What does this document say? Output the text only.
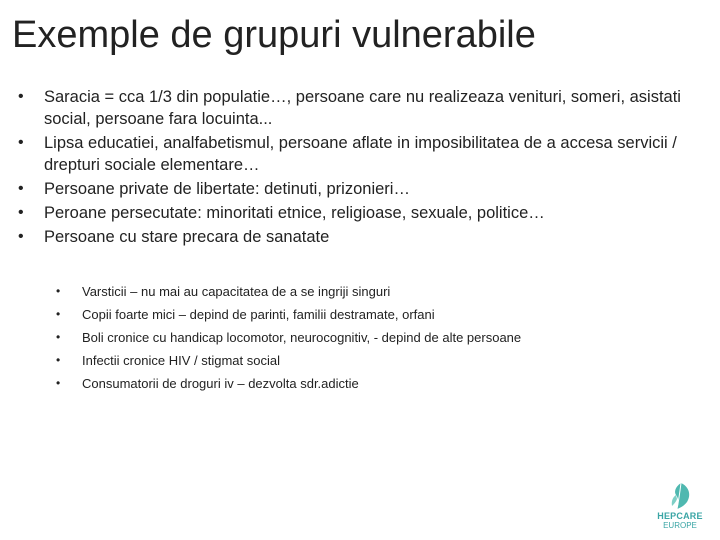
Exemple de grupuri vulnerabile
• Saracia = cca 1/3 din populatie…, persoane care nu realizeaza venituri, someri, asistati social, persoane fara locuinta...
• Lipsa educatiei, analfabetismul, persoane aflate in imposibilitatea de a accesa servicii / drepturi sociale elementare…
• Persoane private de libertate: detinuti, prizonieri…
• Peroane persecutate: minoritati etnice, religioase, sexuale, politice…
• Persoane cu stare precara de sanatate
• Varsticii – nu mai au capacitatea de a se ingriji singuri
• Copii foarte mici – depind de parinti, familii destramate, orfani
• Boli cronice cu handicap locomotor, neurocognitiv, - depind de alte persoane
• Infectii cronice HIV / stigmat social
• Consumatorii de droguri iv – dezvolta sdr.adictie
HEPCARE
EUROPE
